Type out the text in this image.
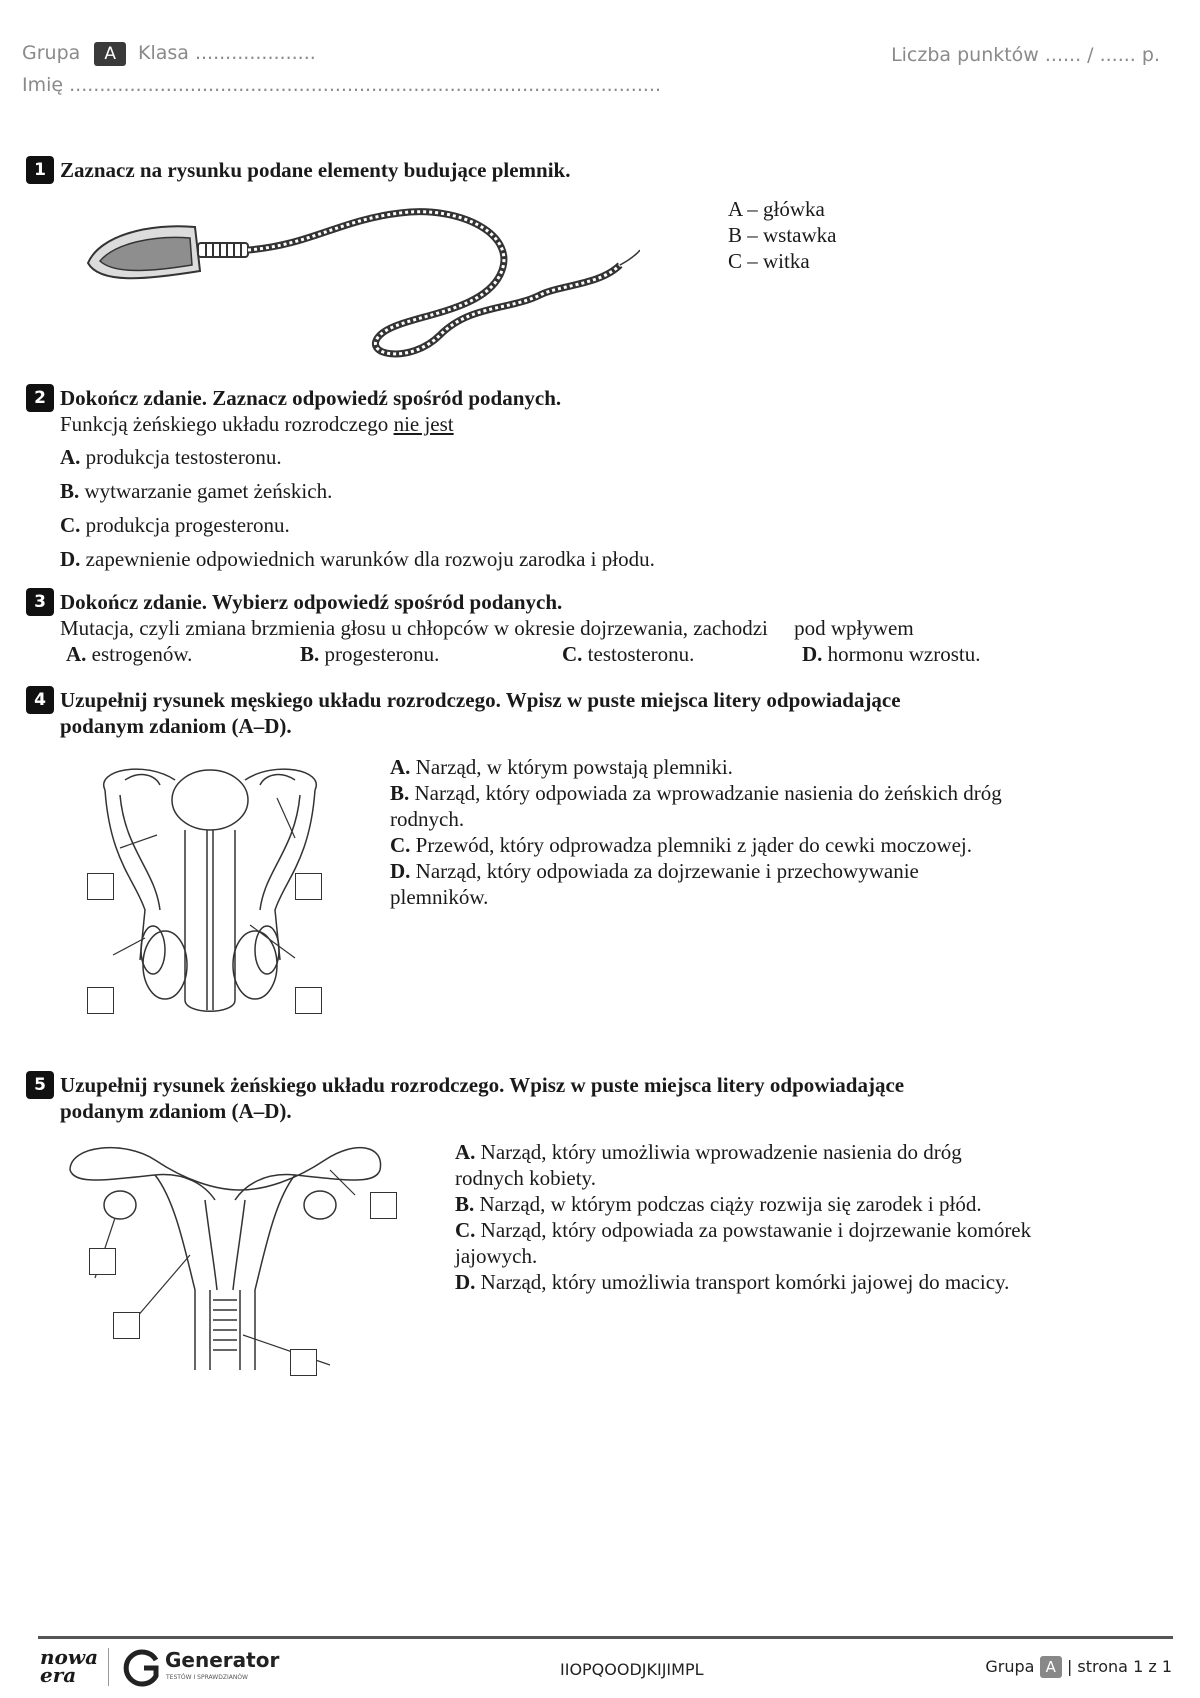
Grupa A Klasa ....................
Imię ..................................................................................................
Liczba punktów ...... / ...... p.
1 Zaznacz na rysunku podane elementy budujące plemnik.
A – główka
B – wstawka
C – witka
2 Dokończ zdanie. Zaznacz odpowiedź spośród podanych.
Funkcją żeńskiego układu rozrodczego nie jest
A. produkcja testosteronu.
B. wytwarzanie gamet żeńskich.
C. produkcja progesteronu.
D. zapewnienie odpowiednich warunków dla rozwoju zarodka i płodu.
3 Dokończ zdanie. Wybierz odpowiedź spośród podanych.
Mutacja, czyli zmiana brzmienia głosu u chłopców w okresie dojrzewania, zachodzi     pod wpływem
A. estrogenów.	B. progesteronu.	C. testosteronu.	D. hormonu wzrostu.
4 Uzupełnij rysunek męskiego układu rozrodczego. Wpisz w puste miejsca litery odpowiadające
podanym zdaniom (A–D).
A. Narząd, w którym powstają plemniki.
B. Narząd, który odpowiada za wprowadzanie nasienia do żeńskich dróg rodnych.
C. Przewód, który odprowadza plemniki z jąder do cewki moczowej.
D. Narząd, który odpowiada za dojrzewanie i przechowywanie plemników.
5 Uzupełnij rysunek żeńskiego układu rozrodczego. Wpisz w puste miejsca litery odpowiadające
podanym zdaniom (A–D).
A. Narząd, który umożliwia wprowadzenie nasienia do dróg rodnych kobiety.
B. Narząd, w którym podczas ciąży rozwija się zarodek i płód.
C. Narząd, który odpowiada za powstawanie i dojrzewanie komórek jajowych.
D. Narząd, który umożliwia transport komórki jajowej do macicy.
nowa era
Generator
TESTÓW I SPRAWDZIANÓW	IIOPQOODJKIJIMPL	Grupa A | strona 1 z 1
